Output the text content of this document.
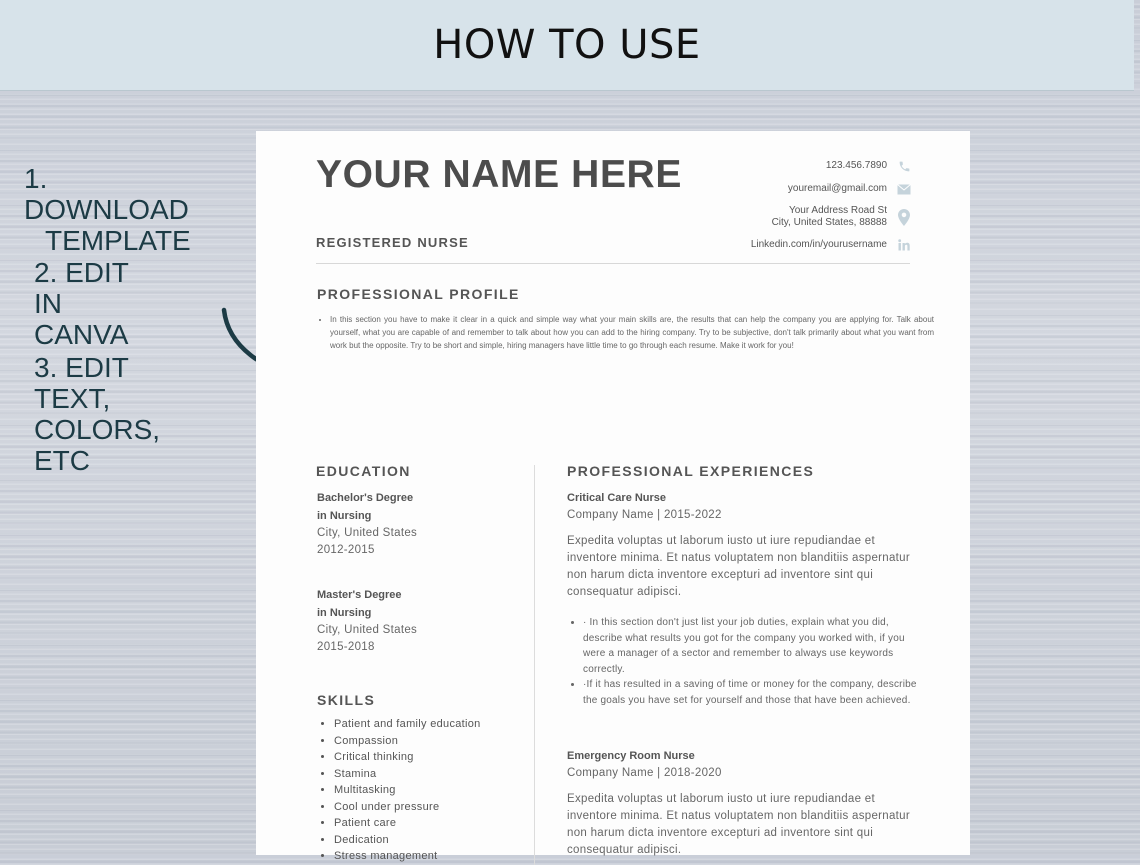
HOW TO USE
1. DOWNLOAD
TEMPLATE
2. EDIT IN
CANVA
3. EDIT TEXT,
COLORS, ETC
YOUR NAME HERE
REGISTERED NURSE
123.456.7890
youremail@gmail.com
Your Address Road St
City, United States, 88888
Linkedin.com/in/yourusername
PROFESSIONAL PROFILE
• In this section you have to make it clear in a quick and simple way what your main skills are, the results that can help the company you are applying for. Talk about yourself, what you are capable of and remember to talk about how you can add to the hiring company. Try to be subjective, don't talk primarily about what you want from work but the opposite. Try to be short and simple, hiring managers have little time to go through each resume. Make it work for you!
EDUCATION
Bachelor's Degree
in Nursing
City, United States
2012-2015
Master's Degree
in Nursing
City, United States
2015-2018
SKILLS
• Patient and family education
• Compassion
• Critical thinking
• Stamina
• Multitasking
• Cool under pressure
• Patient care
• Dedication
• Stress management
PROFESSIONAL EXPERIENCES
Critical Care Nurse
Company Name | 2015-2022
Expedita voluptas ut laborum iusto ut iure repudiandae et inventore minima. Et natus voluptatem non blanditiis aspernatur non harum dicta inventore excepturi ad inventore sint qui consequatur adipisci.
• · In this section don't just list your job duties, explain what you did, describe what results you got for the company you worked with, if you were a manager of a sector and remember to always use keywords correctly.
• ·If it has resulted in a saving of time or money for the company, describe the goals you have set for yourself and those that have been achieved.
Emergency Room Nurse
Company Name | 2018-2020
Expedita voluptas ut laborum iusto ut iure repudiandae et inventore minima. Et natus voluptatem non blanditiis aspernatur non harum dicta inventore excepturi ad inventore sint qui consequatur adipisci.
